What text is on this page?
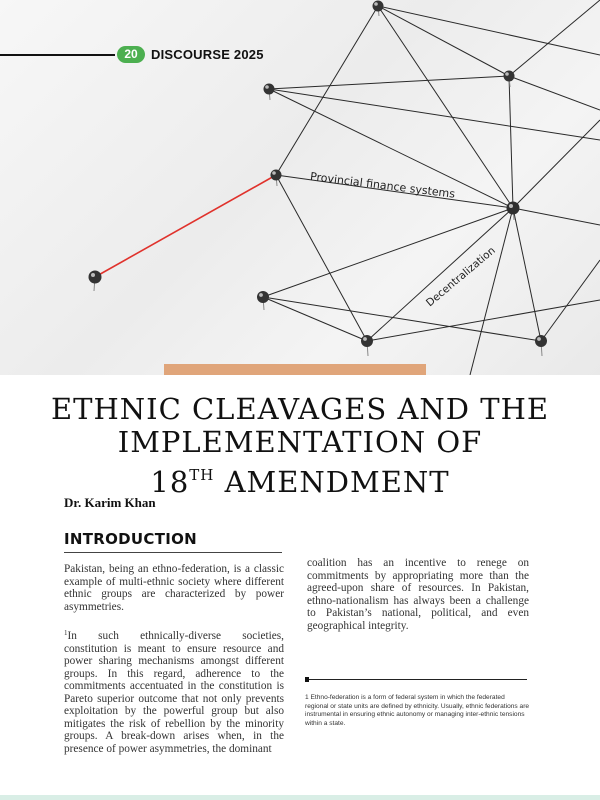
Provincial finance systems
Decentralization
20	DISCOURSE 2025
ETHNIC CLEAVAGES AND THE
IMPLEMENTATION OF
18TH AMENDMENT
Dr. Karim Khan
INTRODUCTION

Pakistan, being an ethno-federation, is a classic example of multi-ethnic society where different ethnic groups are characterized by power asymmetries.

$^1$In such ethnically-diverse societies, constitution is meant to ensure resource and power sharing mechanisms amongst different groups. In this regard, adherence to the commitments accentuated in the constitution is Pareto superior outcome that not only prevents exploitation by the powerful group but also mitigates the risk of rebellion by the minority groups. A break-down arises when, in the presence of power asymmetries, the dominant

coalition has an incentive to renege on commitments by appropriating more than the agreed-upon share of resources. In Pakistan, ethno-nationalism has always been a challenge to Pakistan’s national, political, and even geographical integrity.

1 Ethno-federation is a form of federal system in which the federated regional or state units are defined by ethnicity. Usually, ethnic federations are instrumental in ensuring ethnic autonomy or managing inter-ethnic tensions within a state.
